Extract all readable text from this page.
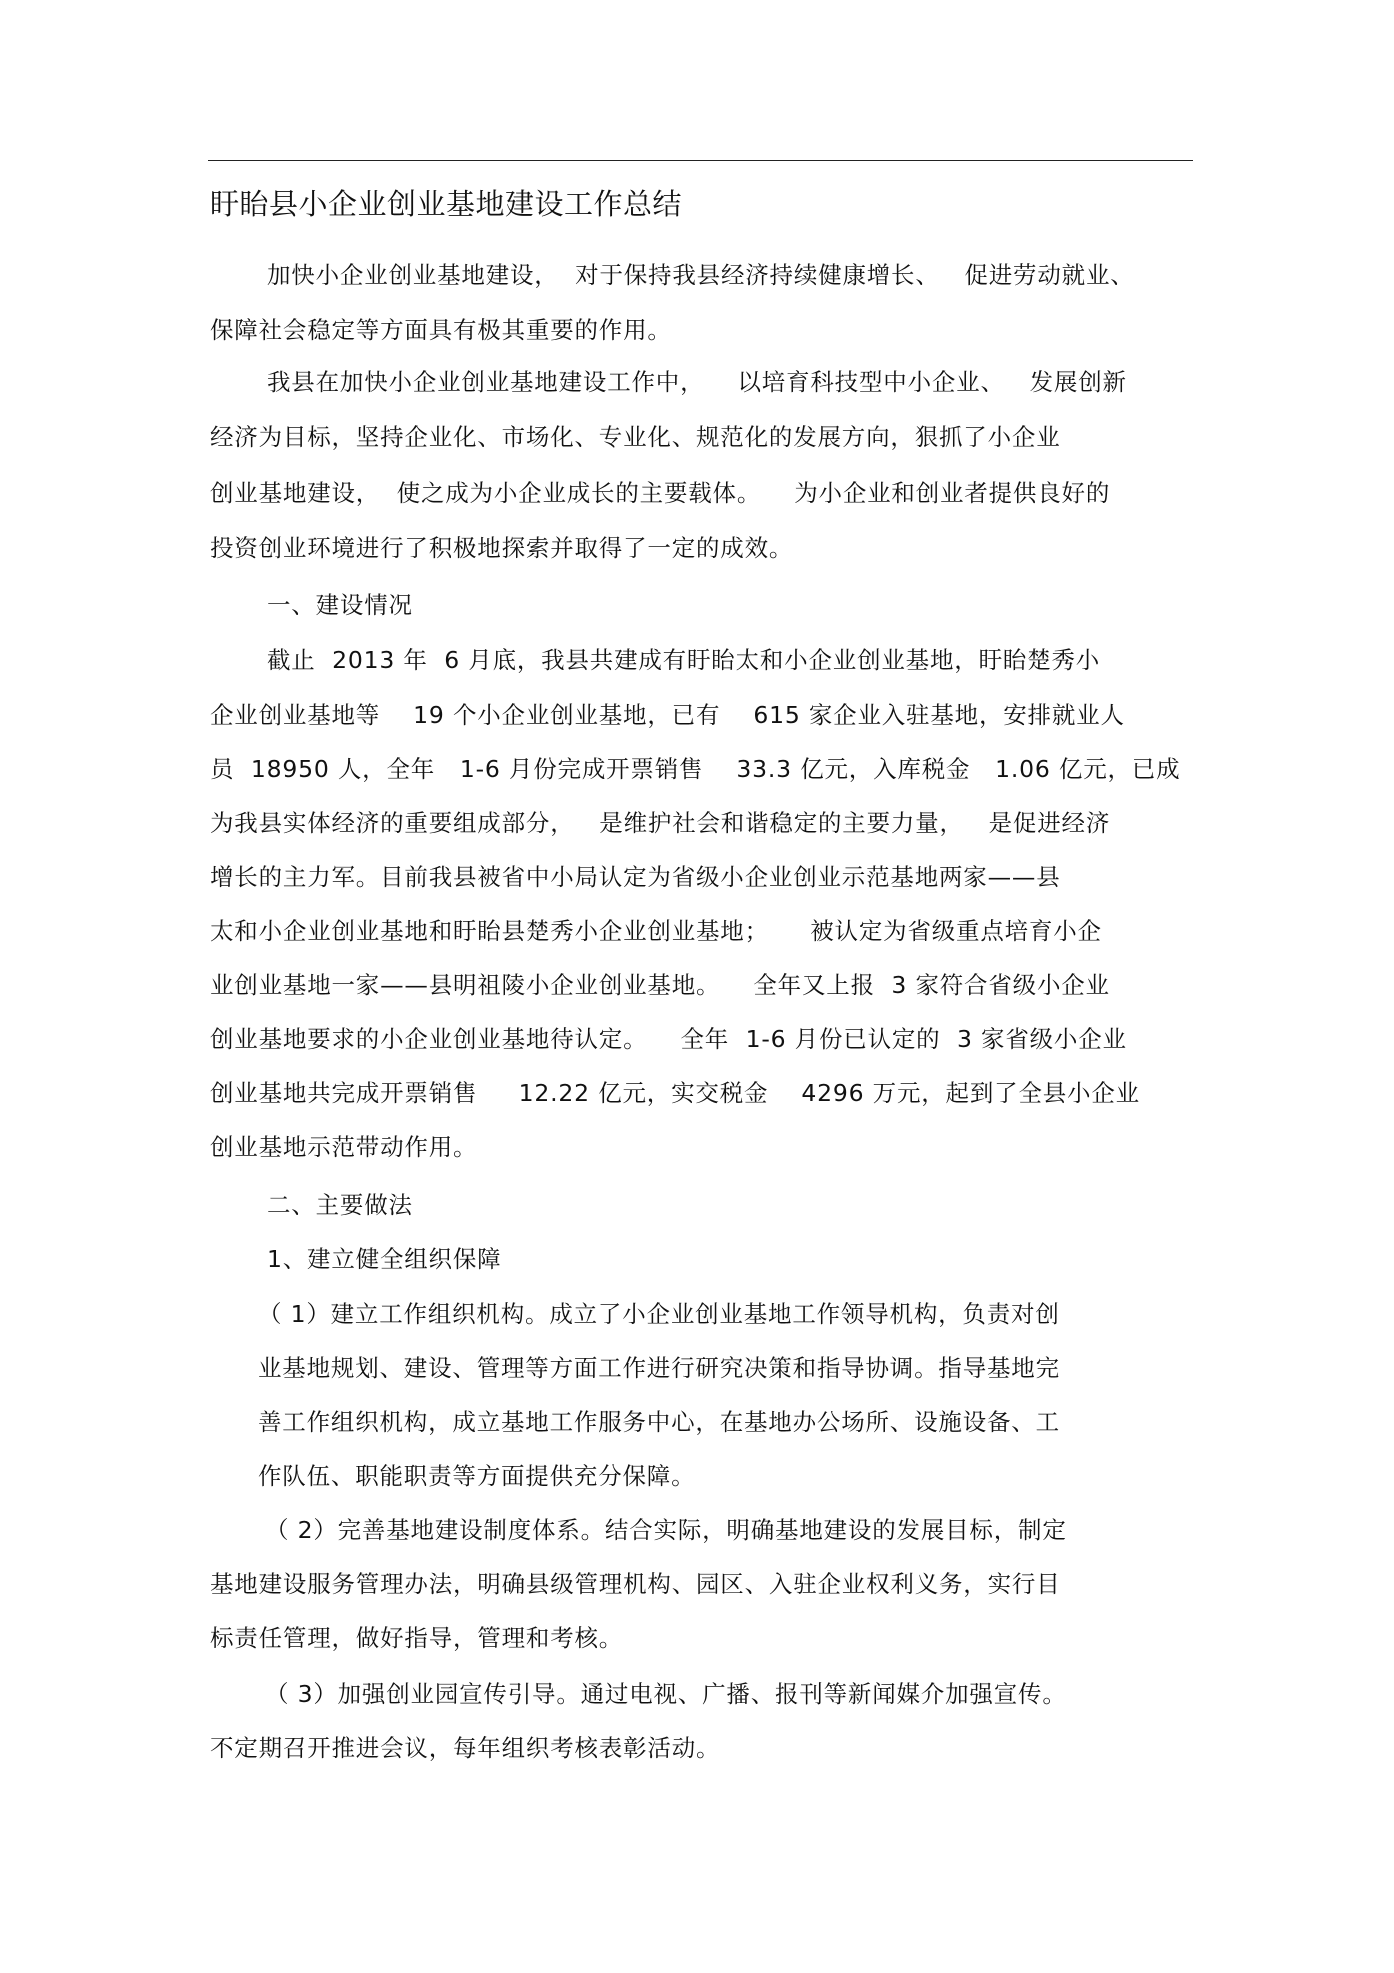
盱眙县小企业创业基地建设工作总结
加快小企业创业基地建设，  对于保持我县经济持续健康增长、   促进劳动就业、
保障社会稳定等方面具有极其重要的作用。
我县在加快小企业创业基地建设工作中，    以培育科技型中小企业、   发展创新
经济为目标，坚持企业化、市场化、专业化、规范化的发展方向，狠抓了小企业
创业基地建设，  使之成为小企业成长的主要载体。    为小企业和创业者提供良好的
投资创业环境进行了积极地探索并取得了一定的成效。
一、建设情况
截止  2013 年  6 月底，我县共建成有盱眙太和小企业创业基地，盱眙楚秀小
企业创业基地等    19 个小企业创业基地，已有    615 家企业入驻基地，安排就业人
员  18950 人，全年   1-6 月份完成开票销售    33.3 亿元，入库税金   1.06 亿元，已成
为我县实体经济的重要组成部分，   是维护社会和谐稳定的主要力量，   是促进经济
增长的主力军。目前我县被省中小局认定为省级小企业创业示范基地两家——县
太和小企业创业基地和盱眙县楚秀小企业创业基地；     被认定为省级重点培育小企
业创业基地一家——县明祖陵小企业创业基地。    全年又上报  3 家符合省级小企业
创业基地要求的小企业创业基地待认定。    全年  1-6 月份已认定的  3 家省级小企业
创业基地共完成开票销售     12.22 亿元，实交税金    4296 万元，起到了全县小企业
创业基地示范带动作用。
二、主要做法
1、建立健全组织保障
（ 1）建立工作组织机构。成立了小企业创业基地工作领导机构，负责对创
业基地规划、建设、管理等方面工作进行研究决策和指导协调。指导基地完
善工作组织机构，成立基地工作服务中心，在基地办公场所、设施设备、工
作队伍、职能职责等方面提供充分保障。
（ 2）完善基地建设制度体系。结合实际，明确基地建设的发展目标，制定
基地建设服务管理办法，明确县级管理机构、园区、入驻企业权利义务，实行目
标责任管理，做好指导，管理和考核。
（ 3）加强创业园宣传引导。通过电视、广播、报刊等新闻媒介加强宣传。
不定期召开推进会议，每年组织考核表彰活动。
